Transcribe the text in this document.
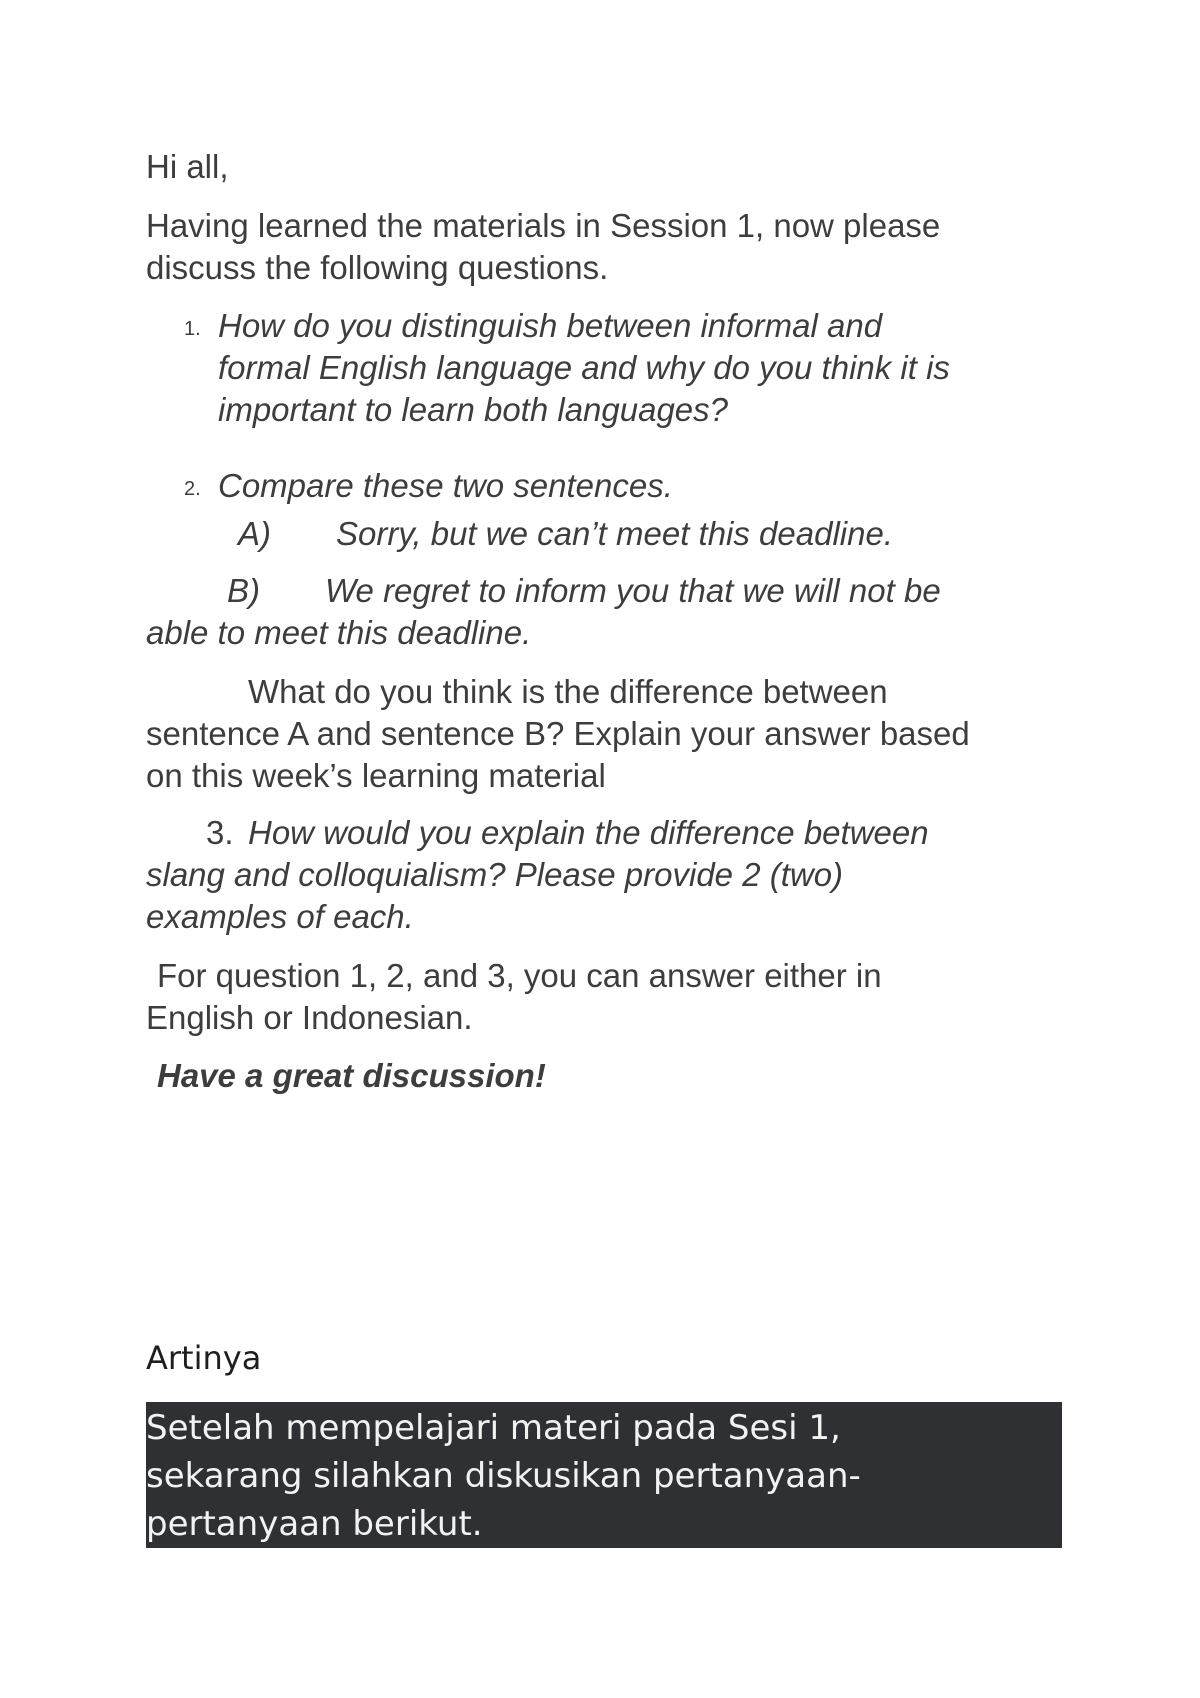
Hi all,
Having learned the materials in Session 1, now please
discuss the following questions.
1. How do you distinguish between informal and
formal English language and why do you think it is
important to learn both languages?
2. Compare these two sentences.
A) Sorry, but we can’t meet this deadline.
B) We regret to inform you that we will not be
able to meet this deadline.
What do you think is the difference between
sentence A and sentence B? Explain your answer based
on this week’s learning material
3. How would you explain the difference between
slang and colloquialism? Please provide 2 (two)
examples of each.
For question 1, 2, and 3, you can answer either in
English or Indonesian.
Have a great discussion!
Artinya
Setelah mempelajari materi pada Sesi 1,
sekarang silahkan diskusikan pertanyaan-
pertanyaan berikut.
